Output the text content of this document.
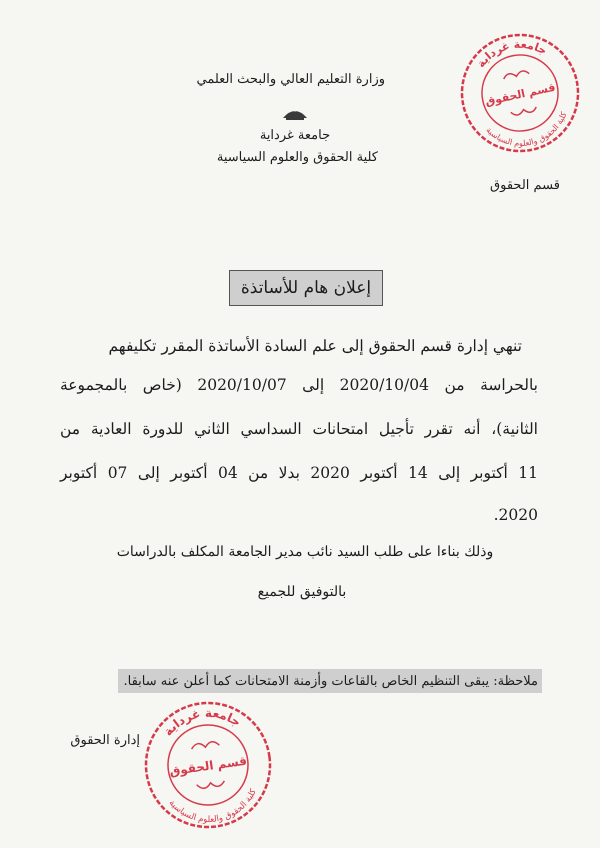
وزارة التعليم العالي والبحث العلمي
جامعة غرداية
كلية الحقوق والعلوم السياسية
قسم الحقوق
جامعة غرداية
كلية الحقوق والعلوم السياسية
قسم الحقوق
إعلان هام للأساتذة
تنهي إدارة قسم الحقوق إلى علم السادة الأساتذة المقرر تكليفهم
بالحراسة من 2020/10/04 إلى 2020/10/07 (خاص بالمجموعة
الثانية)، أنه تقرر تأجيل امتحانات السداسي الثاني للدورة العادية من
11 أكتوبر إلى 14 أكتوبر 2020 بدلا من 04 أكتوبر إلى 07 أكتوبر
2020.
وذلك بناءا على طلب السيد نائب مدير الجامعة المكلف بالدراسات
بالتوفيق للجميع
ملاحظة: يبقى التنظيم الخاص بالقاعات وأزمنة الامتحانات كما أعلن عنه سابقا.
إدارة الحقوق
جامعة غرداية
كلية الحقوق والعلوم السياسية
قسم الحقوق
